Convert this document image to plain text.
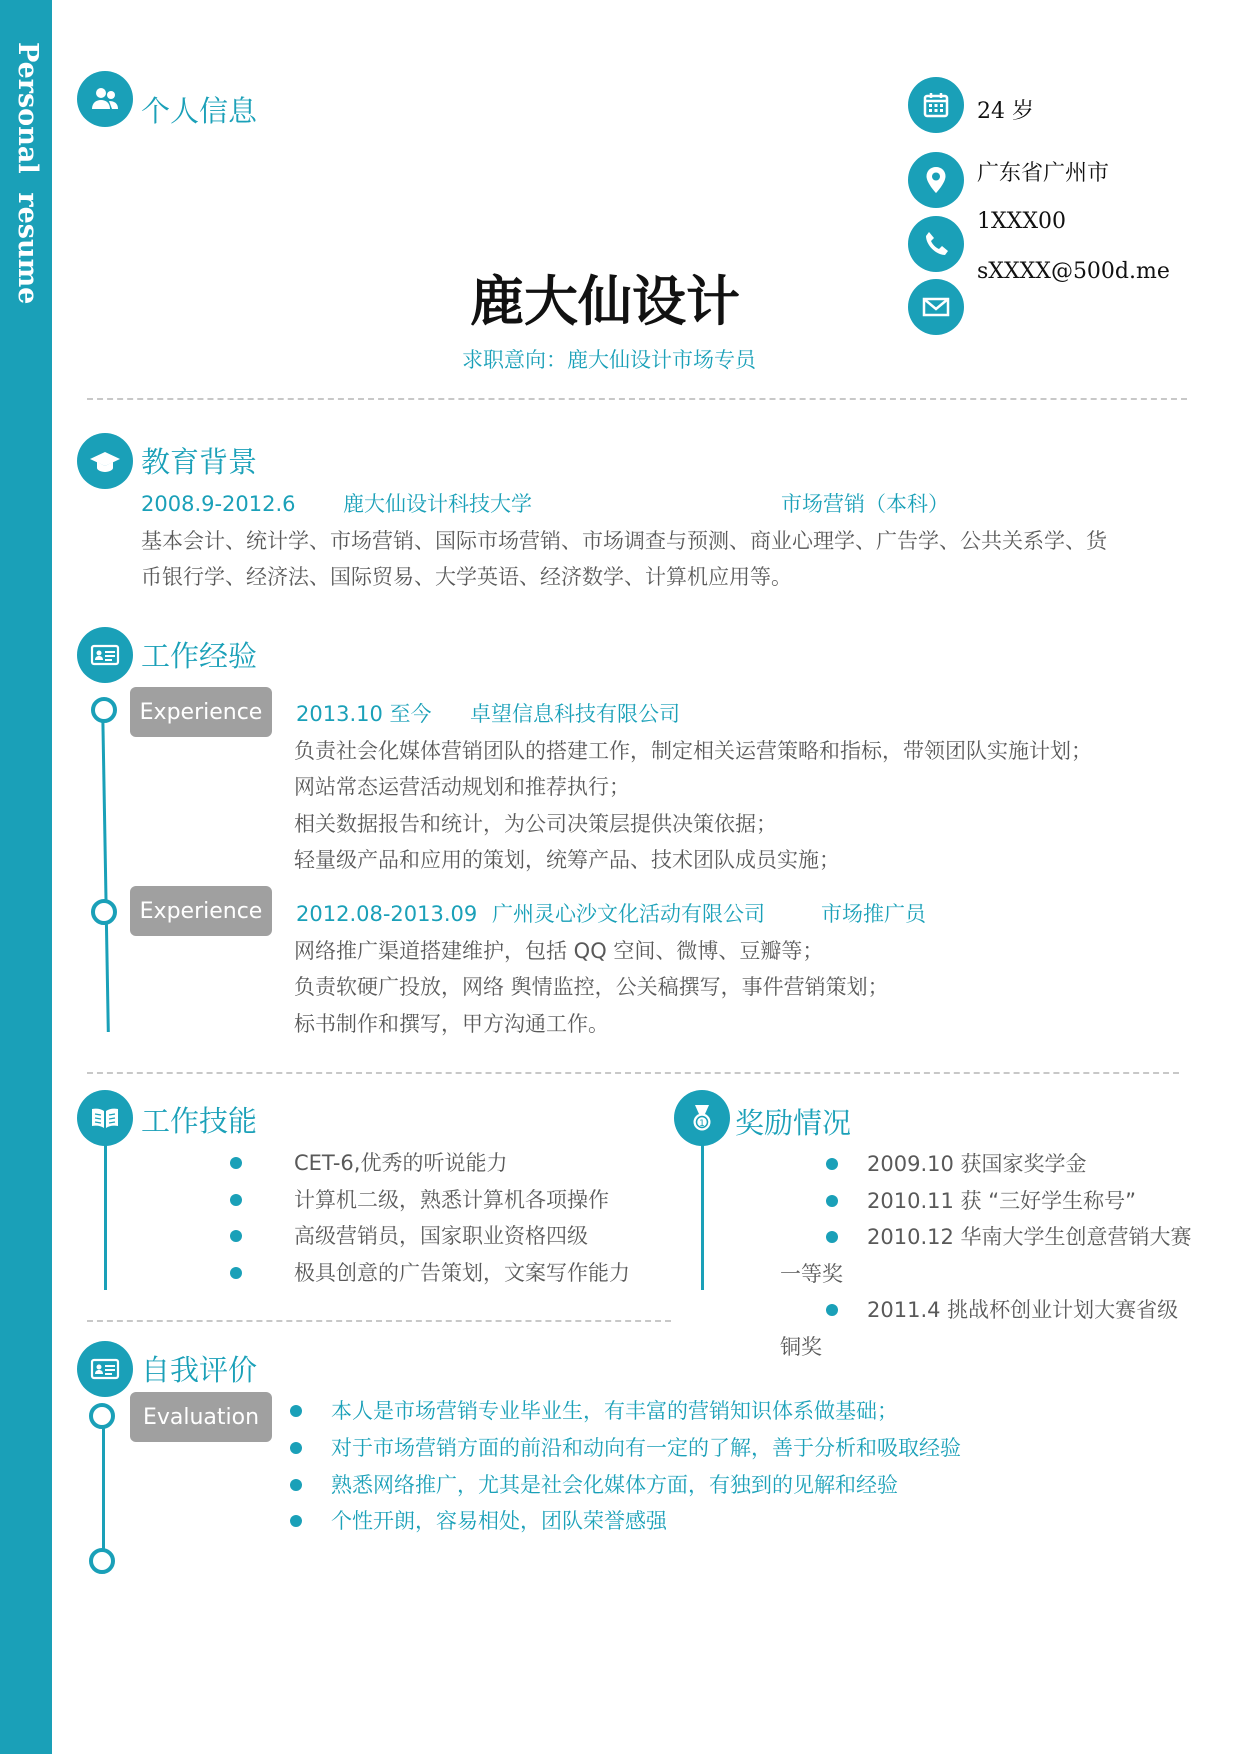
Personal  resume	个人信息
鹿大仙设计
求职意向：鹿大仙设计市场专员
24 岁
广东省广州市
1XXX00
sXXXX@500d.me
教育背景
2008.9-2012.6 鹿大仙设计科技大学	市场营销（本科）
基本会计、统计学、市场营销、国际市场营销、市场调查与预测、商业心理学、广告学、公共关系学、货
币银行学、经济法、国际贸易、大学英语、经济数学、计算机应用等。
工作经验
Experience	2013.10 至今 卓望信息科技有限公司
负责社会化媒体营销团队的搭建工作，制定相关运营策略和指标，带领团队实施计划；
网站常态运营活动规划和推荐执行；
相关数据报告和统计，为公司决策层提供决策依据；
轻量级产品和应用的策划，统筹产品、技术团队成员实施；
Experience	2012.08-2013.09 广州灵心沙文化活动有限公司	市场推广员
网络推广渠道搭建维护，包括 QQ 空间、微博、豆瓣等；
负责软硬广投放，网络 舆情监控，公关稿撰写，事件营销策划；
标书制作和撰写，甲方沟通工作。
工作技能
CET-6,优秀的听说能力
计算机二级，熟悉计算机各项操作
高级营销员，国家职业资格四级
极具创意的广告策划，文案写作能力
1 奖励情况
2009.10 获国家奖学金
2010.11 获 “三好学生称号”
2010.12 华南大学生创意营销大赛
一等奖
2011.4 挑战杯创业计划大赛省级
铜奖
自我评价
Evaluation	本人是市场营销专业毕业生，有丰富的营销知识体系做基础；
对于市场营销方面的前沿和动向有一定的了解，善于分析和吸取经验
熟悉网络推广，尤其是社会化媒体方面，有独到的见解和经验
个性开朗，容易相处，团队荣誉感强
